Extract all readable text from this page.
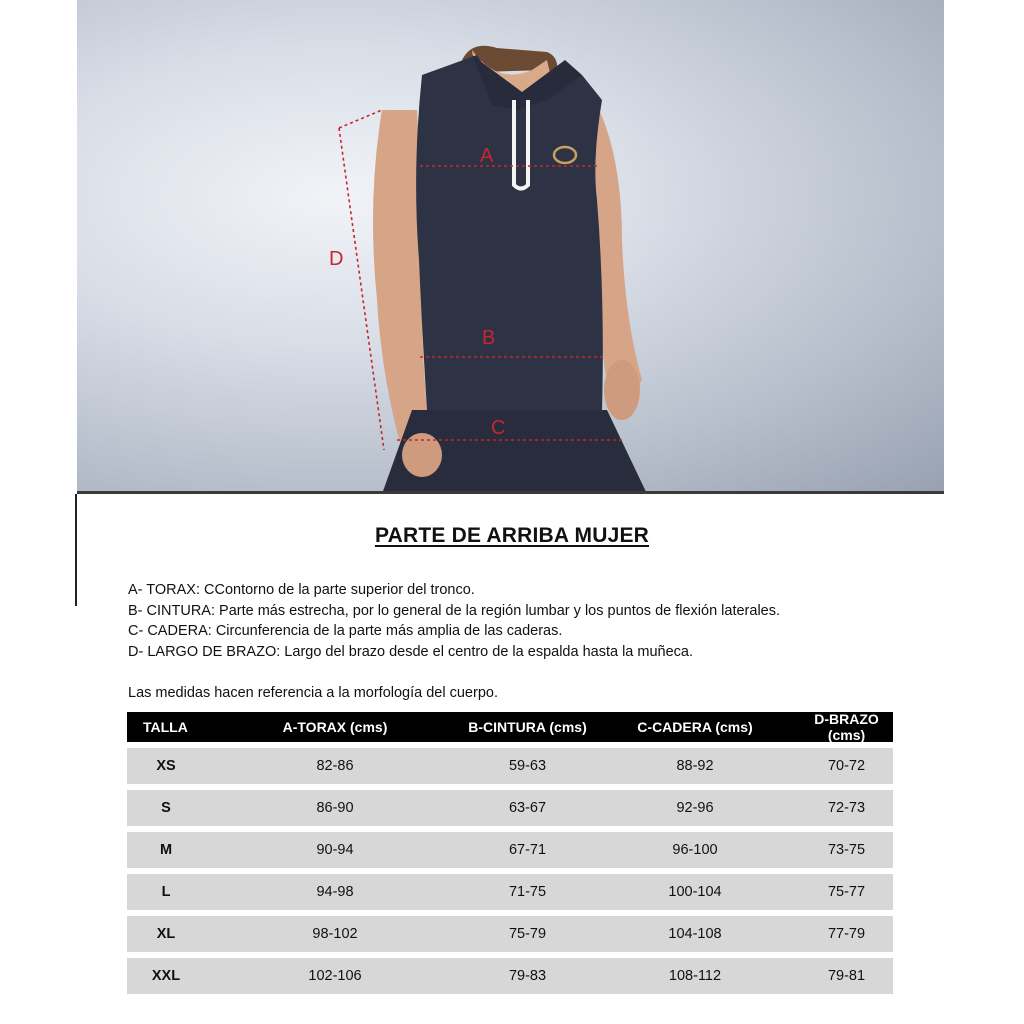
A
B
C
D
PARTE DE ARRIBA MUJER
A- TORAX: CContorno de la parte superior del tronco.
B- CINTURA: Parte más estrecha, por lo general de la región lumbar y los puntos de flexión laterales.
C- CADERA: Circunferencia de la parte más amplia de las caderas.
D- LARGO DE BRAZO: Largo del brazo desde el centro de la espalda hasta la muñeca.
Las medidas hacen referencia a la morfología del cuerpo.
TALLA	A-TORAX (cms)	B-CINTURA (cms)	C-CADERA (cms)	D-BRAZO (cms)
XS	82-86	59-63	88-92	70-72
S	86-90	63-67	92-96	72-73
M	90-94	67-71	96-100	73-75
L	94-98	71-75	100-104	75-77
XL	98-102	75-79	104-108	77-79
XXL	102-106	79-83	108-112	79-81
